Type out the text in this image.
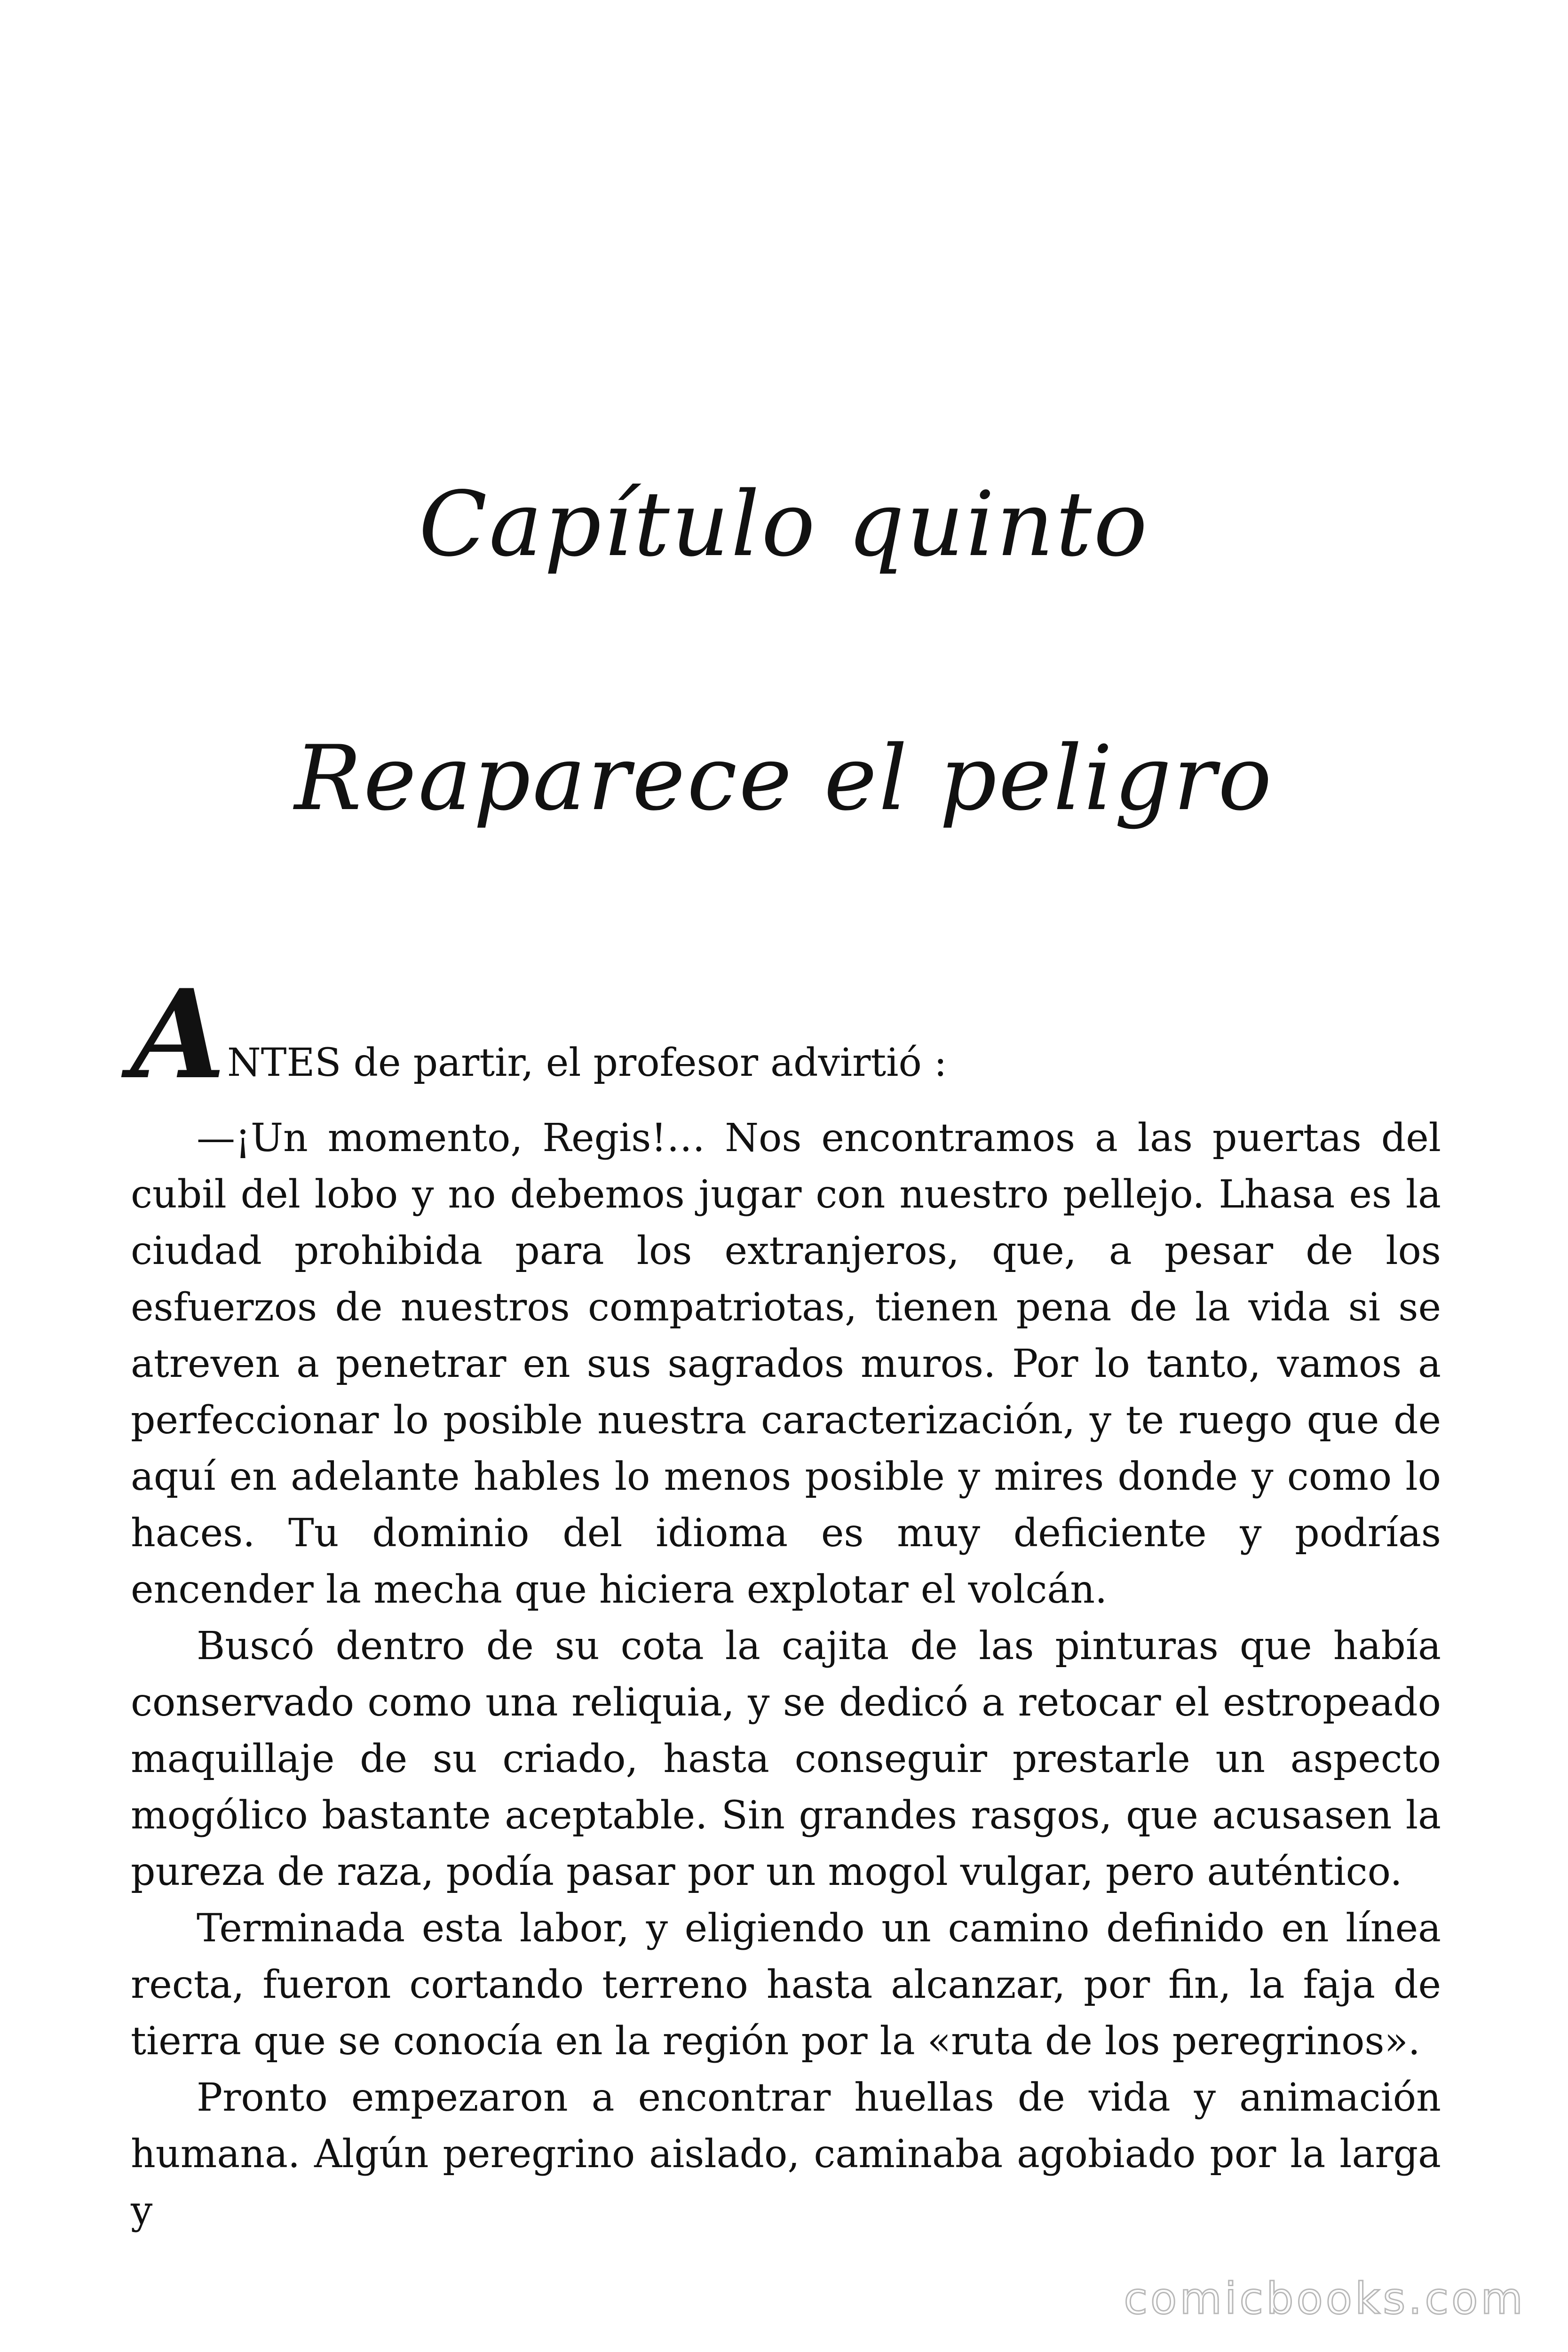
Capítulo quinto
Reaparece el peligro
A NTES de partir, el profesor advirtió :

—¡Un momento, Regis!… Nos encontramos a las puertas del cubil del lobo y no debemos jugar con nuestro pellejo. Lhasa es la ciudad prohibida para los extranjeros, que, a pesar de los esfuerzos de nuestros compatriotas, tienen pena de la vida si se atreven a penetrar en sus sagrados muros. Por lo tanto, vamos a perfeccionar lo posible nuestra caracterización, y te ruego que de aquí en adelante hables lo menos posible y mires donde y como lo haces. Tu dominio del idioma es muy deficiente y podrías encender la mecha que hiciera explotar el volcán.

Buscó dentro de su cota la cajita de las pinturas que había conservado como una reliquia, y se dedicó a retocar el estropeado maquillaje de su criado, hasta conseguir prestarle un aspecto mogólico bastante aceptable. Sin grandes rasgos, que acusasen la pureza de raza, podía pasar por un mogol vulgar, pero auténtico.

Terminada esta labor, y eligiendo un camino definido en línea recta, fueron cortando terreno hasta alcanzar, por fin, la faja de tierra que se conocía en la región por la «ruta de los peregrinos».

Pronto empezaron a encontrar huellas de vida y animación humana. Algún peregrino aislado, caminaba agobiado por la larga y

comicbooks.com
